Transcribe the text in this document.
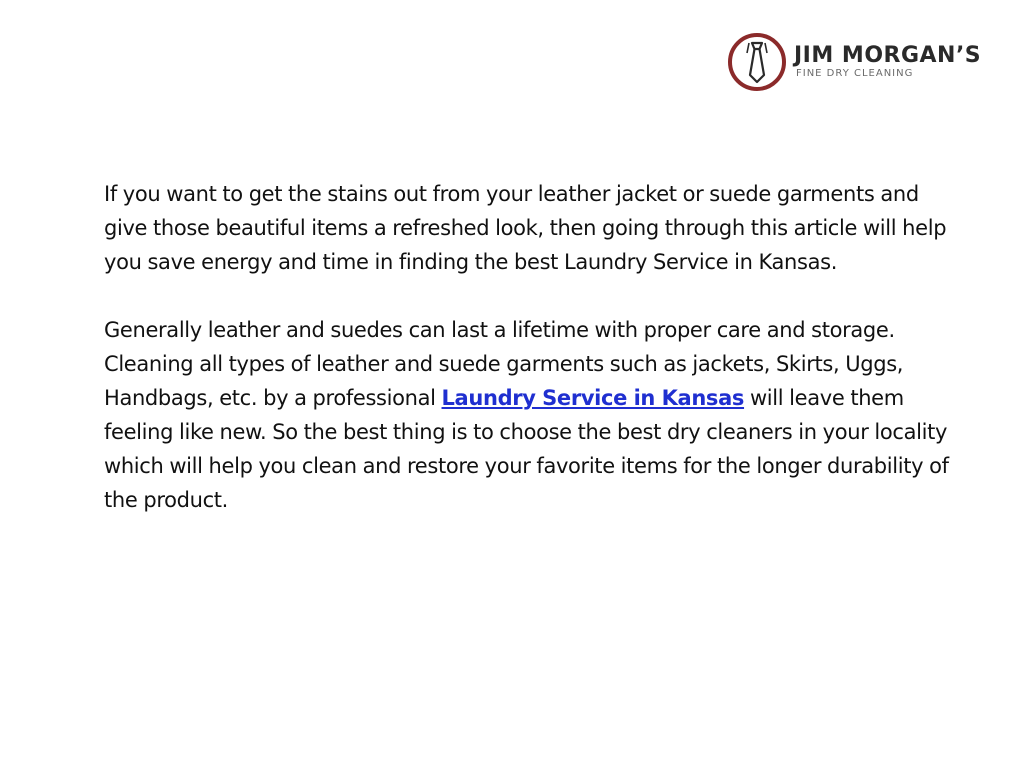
JIM MORGAN’S
FINE DRY CLEANING

If you want to get the stains out from your leather jacket or suede garments and give those beautiful items a refreshed look, then going through this article will help you save energy and time in finding the best Laundry Service in Kansas.

Generally leather and suedes can last a lifetime with proper care and storage. Cleaning all types of leather and suede garments such as jackets, Skirts, Uggs, Handbags, etc. by a professional Laundry Service in Kansas will leave them feeling like new. So the best thing is to choose the best dry cleaners in your locality which will help you clean and restore your favorite items for the longer durability of the product.
